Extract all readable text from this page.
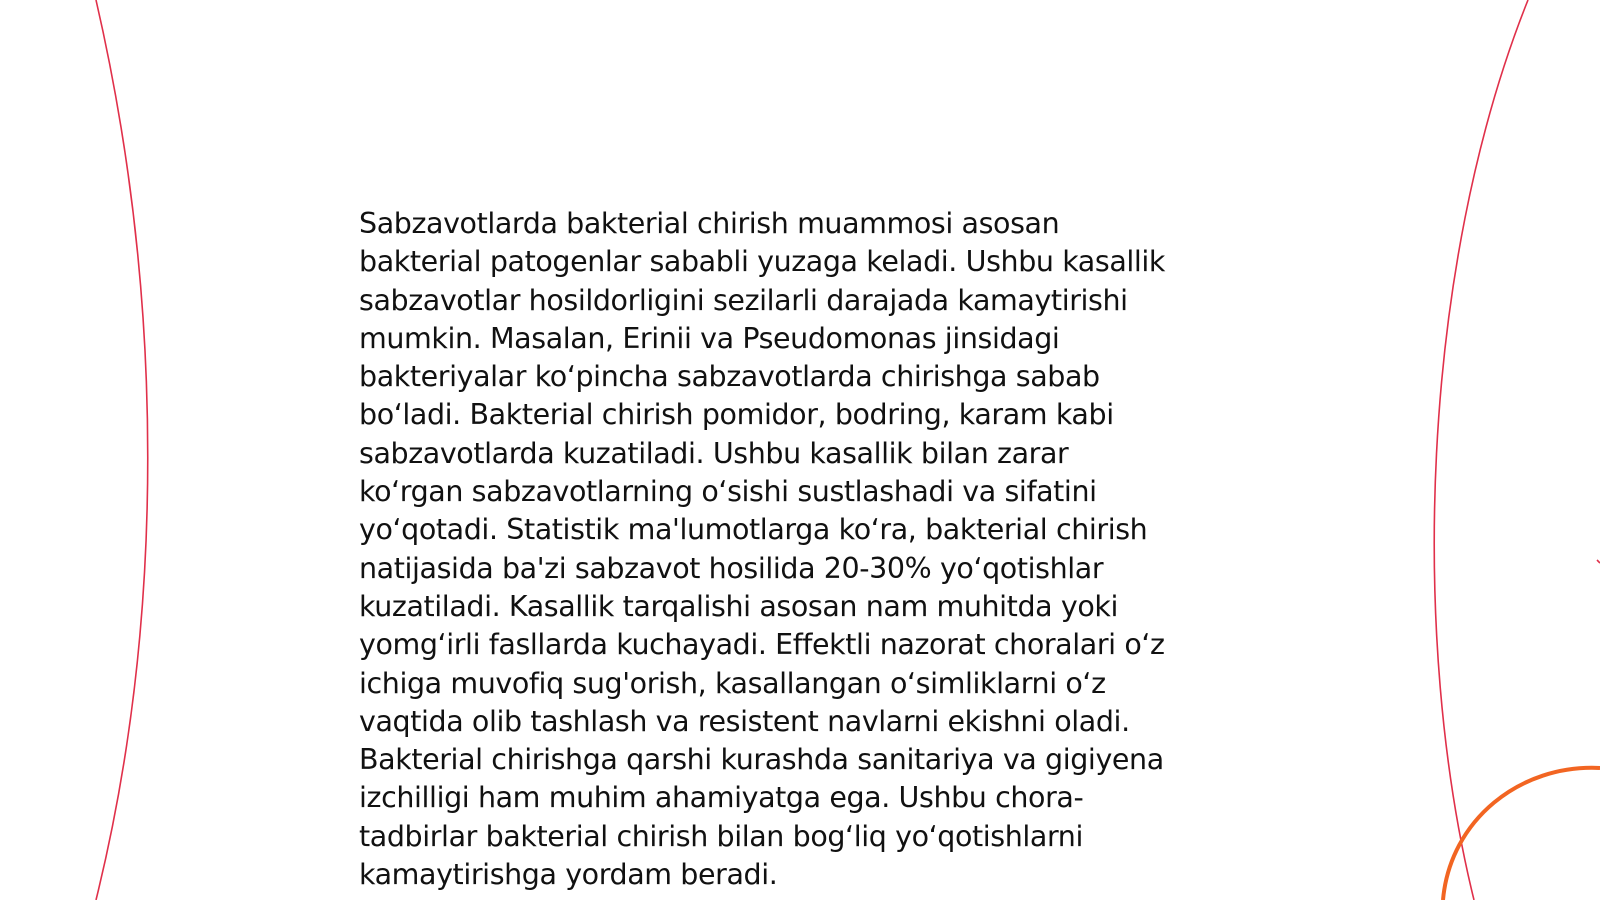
Sabzavotlarda bakterial chirish muammosi asosan
bakterial patogenlar sababli yuzaga keladi. Ushbu kasallik
sabzavotlar hosildorligini sezilarli darajada kamaytirishi
mumkin. Masalan, Erinii va Pseudomonas jinsidagi
bakteriyalar koʻpincha sabzavotlarda chirishga sabab
boʻladi. Bakterial chirish pomidor, bodring, karam kabi
sabzavotlarda kuzatiladi. Ushbu kasallik bilan zarar
koʻrgan sabzavotlarning oʻsishi sustlashadi va sifatini
yoʻqotadi. Statistik ma'lumotlarga koʻra, bakterial chirish
natijasida ba'zi sabzavot hosilida 20-30% yoʻqotishlar
kuzatiladi. Kasallik tarqalishi asosan nam muhitda yoki
yomgʻirli fasllarda kuchayadi. Effektli nazorat choralari oʻz
ichiga muvofiq sug'orish, kasallangan oʻsimliklarni oʻz
vaqtida olib tashlash va resistent navlarni ekishni oladi.
Bakterial chirishga qarshi kurashda sanitariya va gigiyena
izchilligi ham muhim ahamiyatga ega. Ushbu chora-
tadbirlar bakterial chirish bilan bogʻliq yoʻqotishlarni
kamaytirishga yordam beradi.
